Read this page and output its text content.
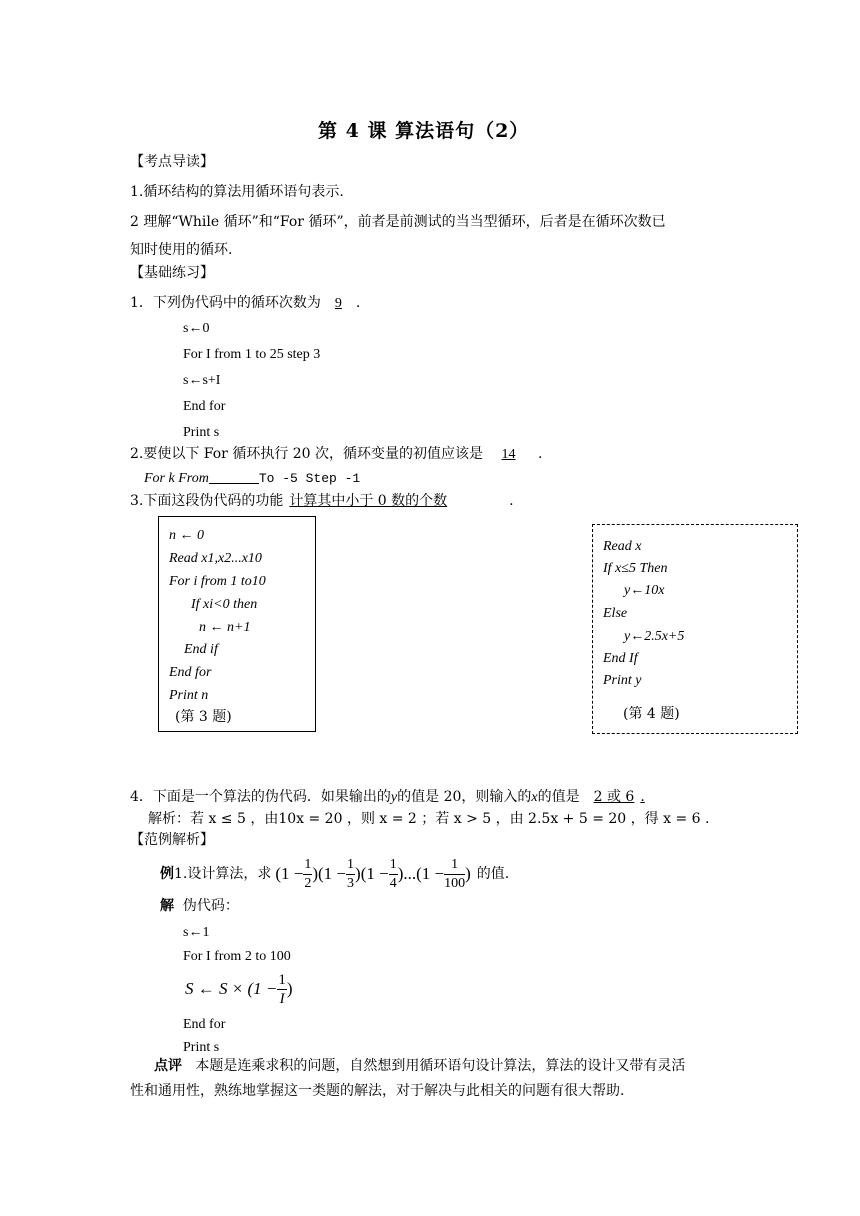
第 4 课 算法语句（2）
【考点导读】
1.循环结构的算法用循环语句表示.
2 理解“While 循环”和“For 循环”，前者是前测试的当当型循环，后者是在循环次数已
知时使用的循环.
【基础练习】
1．下列伪代码中的循环次数为 9 .
s←0
For I from 1 to 25 step 3
s←s+I
End for
Print s
2.要使以下 For 循环执行 20 次，循环变量的初值应该是 14 .
For k From	To -5 Step -1
3.下面这段伪代码的功能 计算其中小于 0 数的个数	.
n ← 0
Read x1,x2...x10
For i from 1 to10
If xi<0 then
n ← n+1
End if
End for
Print n
(第 3 题)
Read x
If x≤5 Then
y←10x
Else
y←2.5x+5
End If
Print y
(第 4 题)
4．下面是一个算法的伪代码．如果输出的y的值是 20，则输入的x的值是 2 或 6 .
解析：若 x ≤ 5 ，由10x = 20 ，则 x = 2 ；若 x > 5 ，由 2.5x + 5 = 20 ，得 x = 6 .
【范例解析】
例 1.设计算法，求 $(1 - \frac{1}{2} )(1 - \frac{1}{3} )(1 - \frac{1}{4} )...(1 - \frac{1}{100}$ ) 的值.
解 伪代码：
s←1
For I from 2 to 100
S ← $S \times (1 - \frac{1}{I}$ )
End for
Print s
点评 本题是连乘求积的问题，自然想到用循环语句设计算法，算法的设计又带有灵活
性和通用性，熟练地掌握这一类题的解法，对于解决与此相关的问题有很大帮助.
